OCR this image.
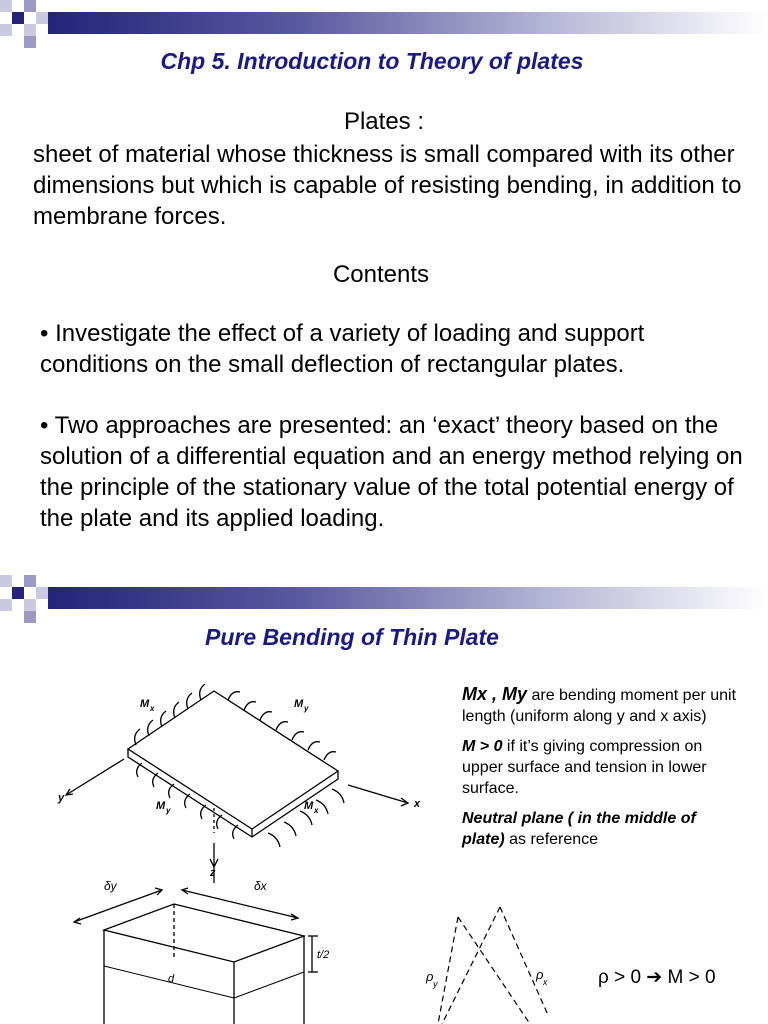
Chp 5. Introduction to Theory of plates
Plates :

sheet of material whose thickness is small compared with its other dimensions but which is capable of resisting bending, in addition to membrane forces.

Contents

• Investigate the effect of a variety of loading and support conditions on the small deflection of rectangular plates.

• Two approaches are presented: an ‘exact’ theory based on the solution of a differential equation and an energy method relying on the principle of the stationary value of the total potential energy of the plate and its applied loading.

Pure Bending of Thin Plate
M x	M y
M y	M x
y	x
z
δy	δx
t/2
d	ρ y
ρ x

Mx , My are bending moment per unit length (uniform along y and x axis)

M > 0 if it’s giving compression on upper surface and tension in lower surface.

Neutral plane ( in the middle of plate) as reference

ρ > 0 ➔ M > 0
